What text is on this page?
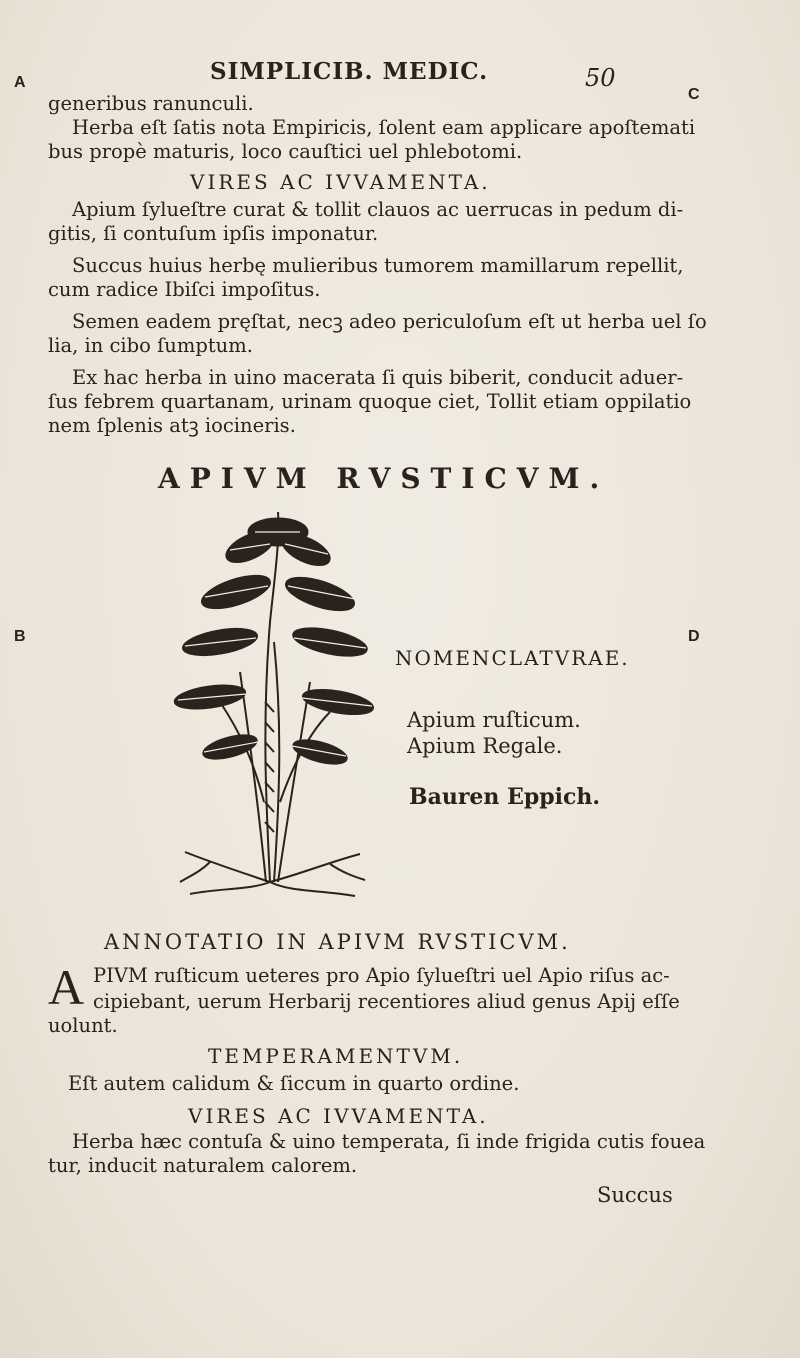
A
B
C
D
SIMPLICIB. MEDIC.	50
generibus ranunculi.
Herba eſt ſatis nota Empiricis, ſolent eam applicare apoſtemati
bus propè maturis, loco cauſtici uel phlebotomi.
VIRES AC IVVAMENTA.
Apium ſylueſtre curat & tollit clauos ac uerrucas in pedum di-
gitis, ſi contuſum ipſis imponatur.
Succus huius herbę mulieribus tumorem mamillarum repellit,
cum radice Ibiſci impoſitus.
Semen eadem pręſtat, necꝫ adeo periculoſum eſt ut herba uel ſo
lia, in cibo ſumptum.
Ex hac herba in uino macerata ſi quis biberit, conducit aduer-
ſus febrem quartanam, urinam quoque ciet, Tollit etiam oppilatio
nem ſplenis atꝫ iocineris.
APIVM RVSTICVM.
NOMENCLATVRAE.
Apium ruſticum.
Apium Regale.
Bauren Eppich.
ANNOTATIO IN APIVM RVSTICVM.
A PIVM ruſticum ueteres pro Apio ſylueſtri uel Apio riſus ac-
cipiebant, uerum Herbarij recentiores aliud genus Apij eſſe
uolunt.
TEMPERAMENTVM.
Eſt autem calidum & ſiccum in quarto ordine.
VIRES AC IVVAMENTA.
Herba hæc contuſa & uino temperata, ſi inde frigida cutis fouea
tur, inducit naturalem calorem.
Succus
